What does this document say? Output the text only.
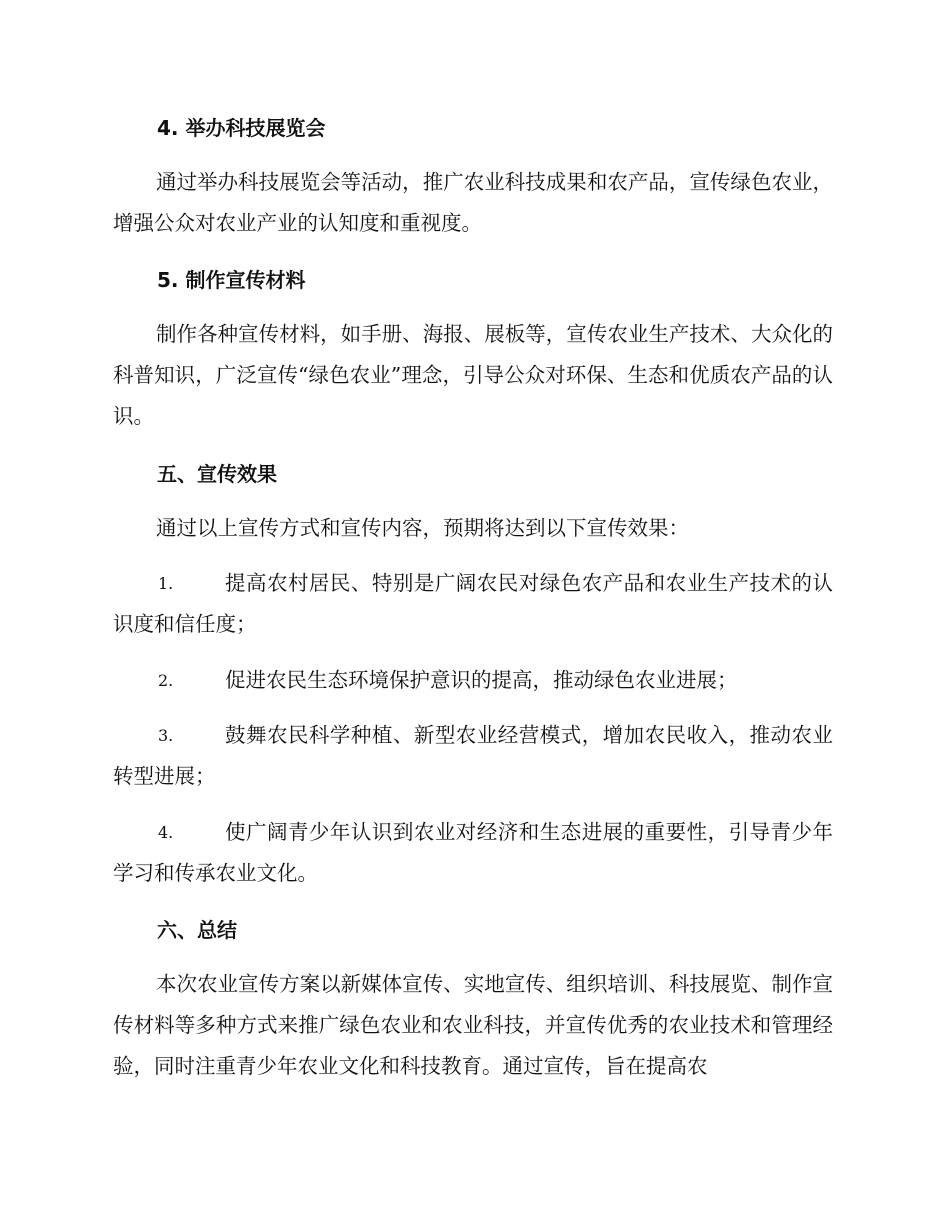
4. 举办科技展览会
通过举办科技展览会等活动，推广农业科技成果和农产品，宣传绿色农业，增强公众对农业产业的认知度和重视度。
5. 制作宣传材料
制作各种宣传材料，如手册、海报、展板等，宣传农业生产技术、大众化的科普知识，广泛宣传“绿色农业”理念，引导公众对环保、生态和优质农产品的认识。
五、宣传效果
通过以上宣传方式和宣传内容，预期将达到以下宣传效果：
1.	提高农村居民、特别是广阔农民对绿色农产品和农业生产技术的认识度和信任度；
2.	促进农民生态环境保护意识的提高，推动绿色农业进展；
3.	鼓舞农民科学种植、新型农业经营模式，增加农民收入，推动农业转型进展；
4.	使广阔青少年认识到农业对经济和生态进展的重要性，引导青少年学习和传承农业文化。
六、总结
本次农业宣传方案以新媒体宣传、实地宣传、组织培训、科技展览、制作宣传材料等多种方式来推广绿色农业和农业科技，并宣传优秀的农业技术和管理经验，同时注重青少年农业文化和科技教育。通过宣传，旨在提高农
